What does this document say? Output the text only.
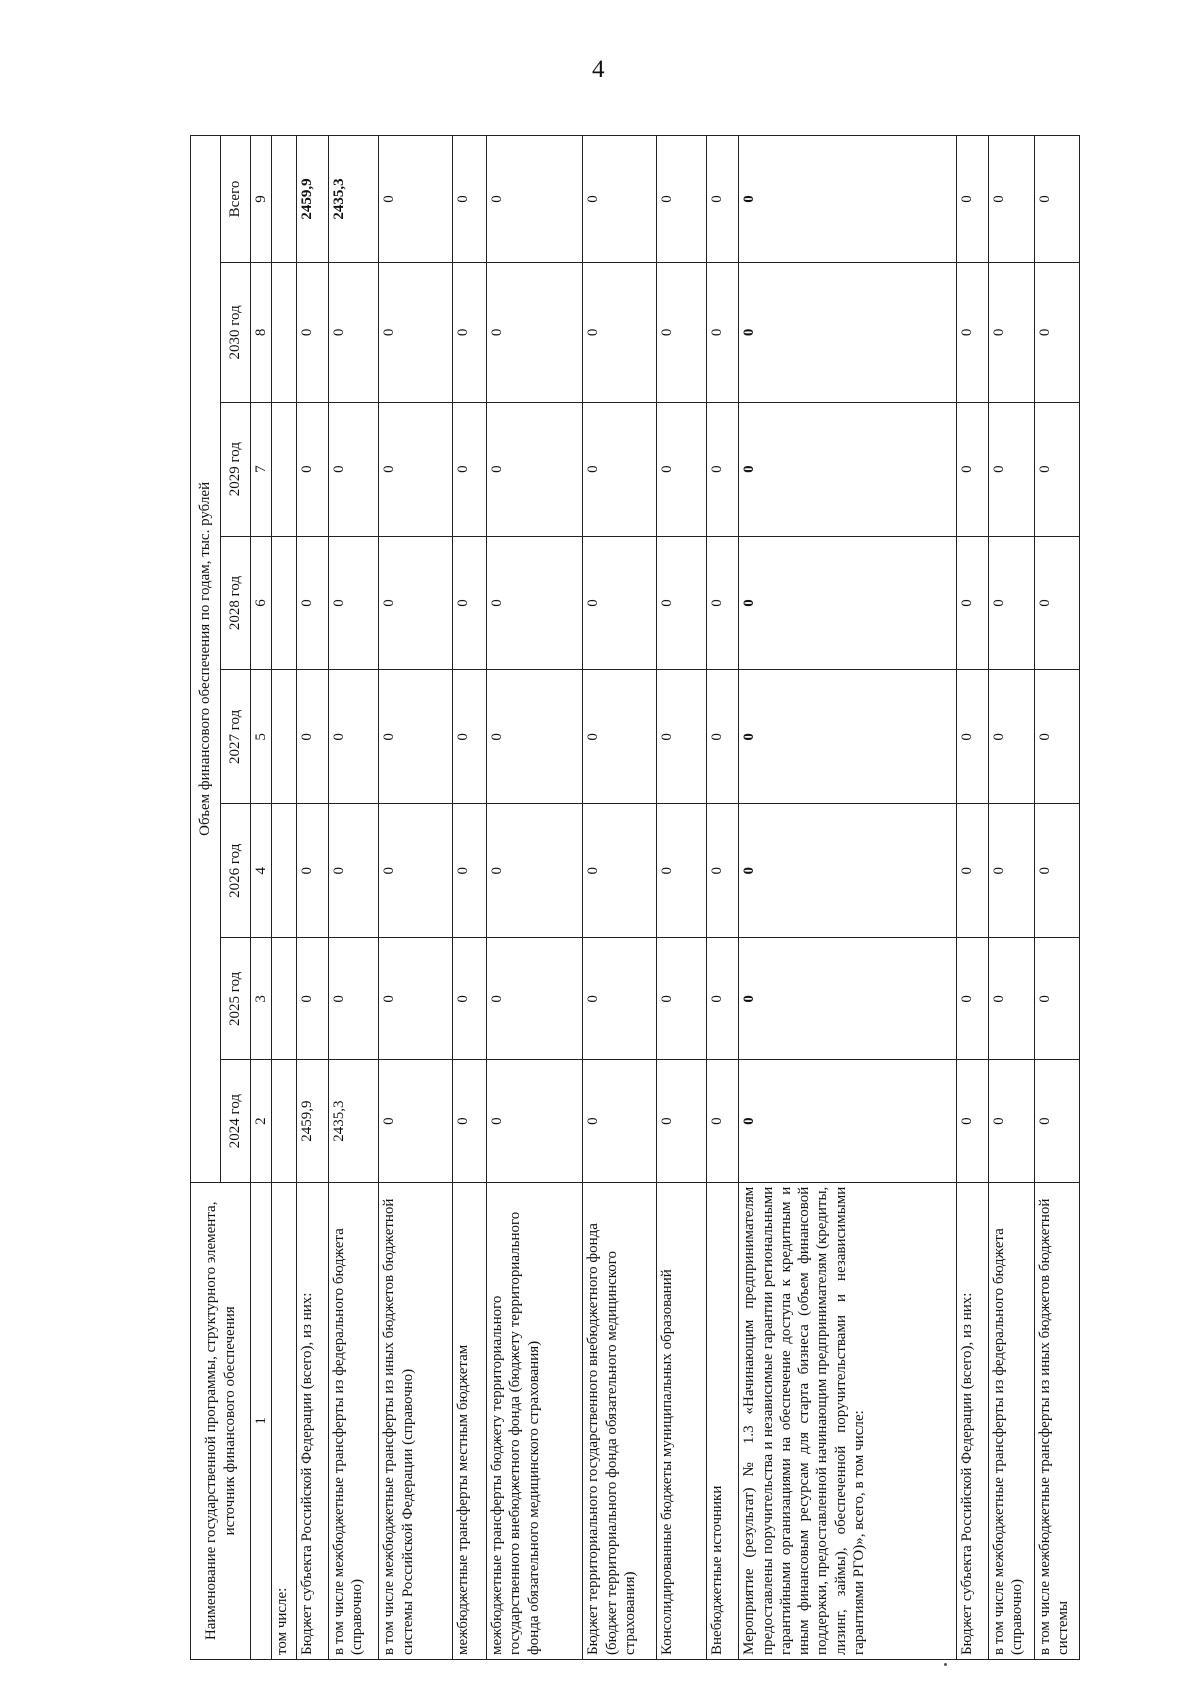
4
Наименование государственной программы, структурного элемента, источник финансового обеспечения	Объем финансового обеспечения по годам, тыс. рублей							
	2024 год	2025 год	2026 год	2027 год	2028 год	2029 год	2030 год	Всего
1	2	3	4	5	6	7	8	9
том числе:								
Бюджет субъекта Российской Федерации (всего), из них:	2459,9	0	0	0	0	0	0	2459,9
в том числе межбюджетные трансферты из федерального бюджета (справочно)	2435,3	0	0	0	0	0	0	2435,3
в том числе межбюджетные трансферты из иных бюджетов бюджетной системы Российской Федерации (справочно)	0	0	0	0	0	0	0	0
межбюджетные трансферты местным бюджетам	0	0	0	0	0	0	0	0
межбюджетные трансферты бюджету территориального государственного внебюджетного фонда (бюджету территориального фонда обязательного медицинского страхования)	0	0	0	0	0	0	0	0
Бюджет территориального государственного внебюджетного фонда (бюджет территориального фонда обязательного медицинского страхования)	0	0	0	0	0	0	0	0
Консолидированные бюджеты муниципальных образований	0	0	0	0	0	0	0	0
Внебюджетные источники	0	0	0	0	0	0	0	0
Мероприятие (результат) № 1.3 «Начинающим предпринимателям предоставлены поручительства и независимые гарантии региональными гарантийными организациями на обеспечение доступа к кредитным и иным финансовым ресурсам для старта бизнеса (объем финансовой поддержки, предоставленной начинающим предпринимателям (кредиты, лизинг, займы), обеспеченной поручительствами и независимыми гарантиями РГО)», всего, в том числе:	0	0	0	0	0	0	0	0
Бюджет субъекта Российской Федерации (всего), из них:	0	0	0	0	0	0	0	0
в том числе межбюджетные трансферты из федерального бюджета (справочно)	0	0	0	0	0	0	0	0
в том числе межбюджетные трансферты из иных бюджетов бюджетной системы	0	0	0	0	0	0	0	0
